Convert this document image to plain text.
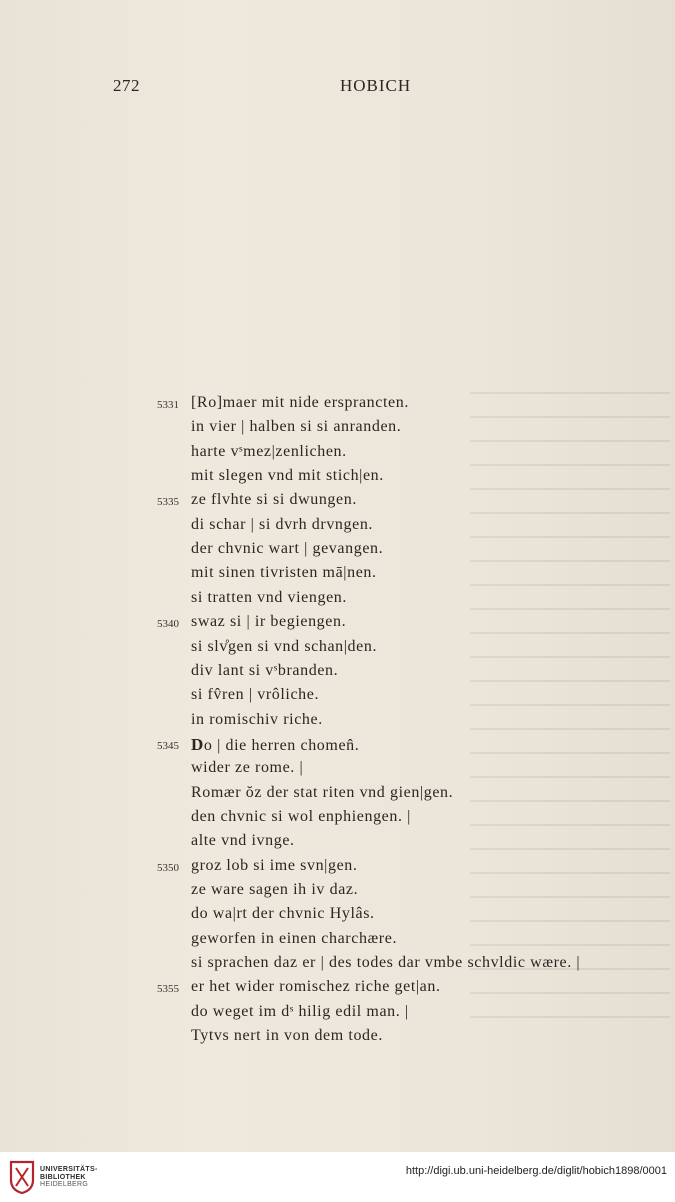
272	HOBICH
5331 [Ro]maer mit nide ersprancten.
in vier | halben si si anranden.
harte vˢmez|zenlichen.
mit slegen vnd mit stich|en.
5335 ze flvhte si si dwungen.
di schar | si dvrh drvngen.
der chvnic wart | gevangen.
mit sinen tivristen mā|nen.
si tratten vnd viengen.
5340 swaz si | ir begiengen.
si slv̊gen si vnd schan|den.
div lant si vˢbranden.
si fv̂ren | vrôliche.
in romischiv riche.
5345 Do | die herren chomen̂.
wider ze rome. |
Romær ŏz der stat riten vnd gien|gen.
den chvnic si wol enphiengen. |
alte vnd ivnge.
5350 groz lob si ime svn|gen.
ze ware sagen ih iv daz.
do wa|rt der chvnic Hylâs.
geworfen in einen charchære.
si sprachen daz er | des todes dar vmbe schvldic wære. |
5355 er het wider romischez riche get|an.
do weget im dˢ hilig edil man. |
Tytvs nert in von dem tode.
UNIVERSITÄTS-
BIBLIOTHEK
HEIDELBERG
http://digi.ub.uni-heidelberg.de/diglit/hobich1898/0001
